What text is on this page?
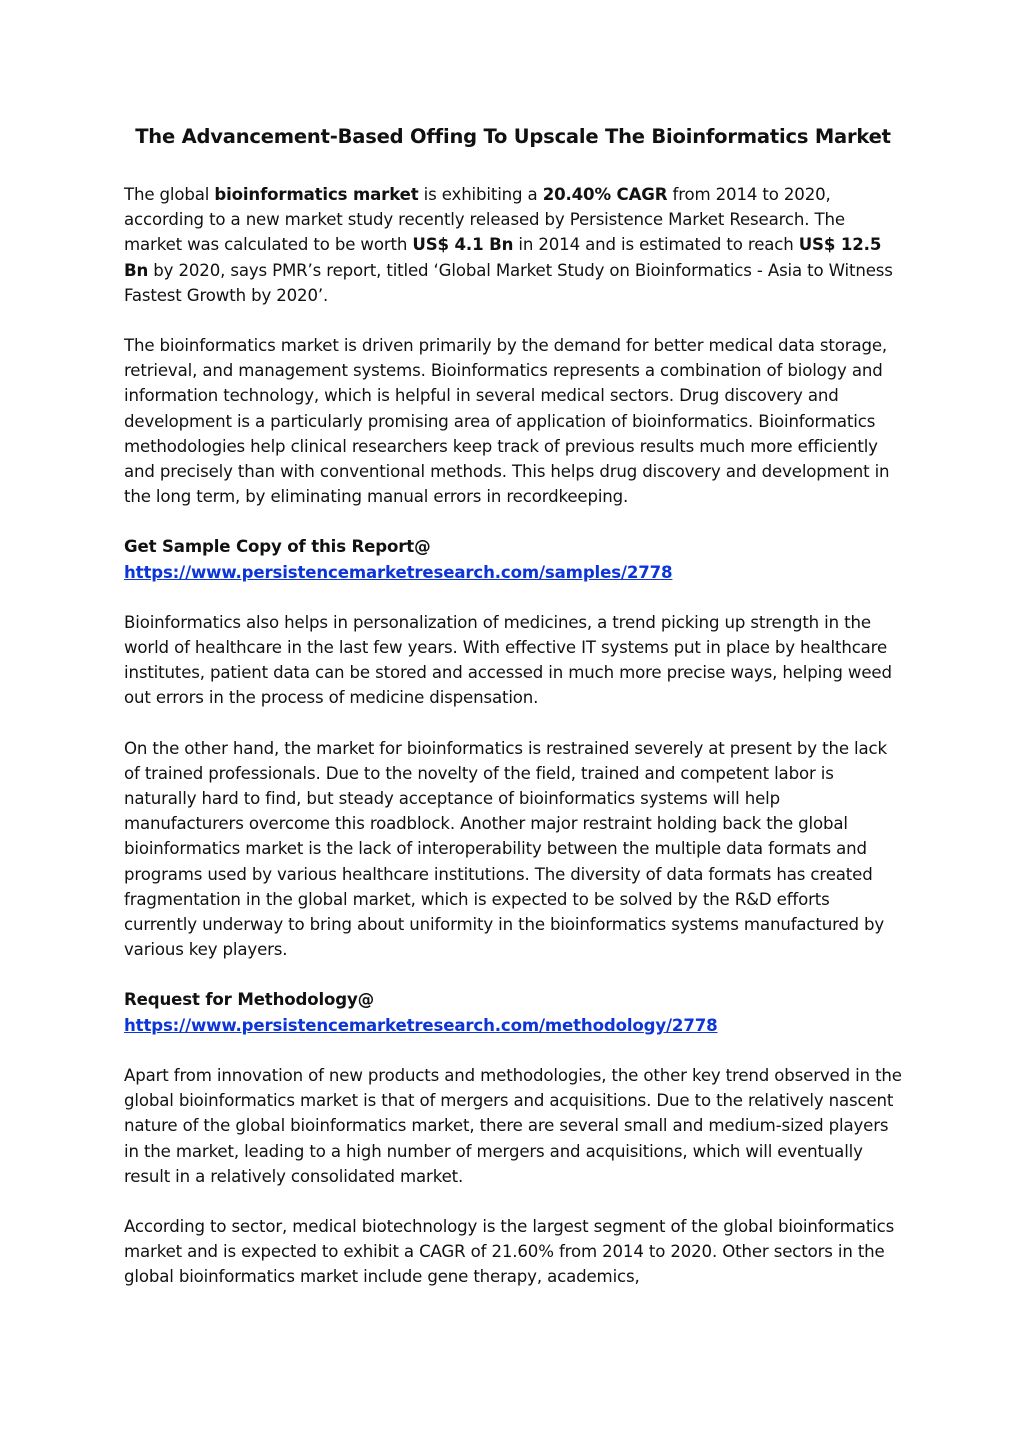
The Advancement-Based Offing To Upscale The Bioinformatics Market

The global bioinformatics market is exhibiting a 20.40% CAGR from 2014 to 2020, according to a new market study recently released by Persistence Market Research. The market was calculated to be worth US$ 4.1 Bn in 2014 and is estimated to reach US$ 12.5 Bn by 2020, says PMR’s report, titled ‘Global Market Study on Bioinformatics - Asia to Witness Fastest Growth by 2020’.

The bioinformatics market is driven primarily by the demand for better medical data storage, retrieval, and management systems. Bioinformatics represents a combination of biology and information technology, which is helpful in several medical sectors. Drug discovery and development is a particularly promising area of application of bioinformatics. Bioinformatics methodologies help clinical researchers keep track of previous results much more efficiently and precisely than with conventional methods. This helps drug discovery and development in the long term, by eliminating manual errors in recordkeeping.

Get Sample Copy of this Report@
https://www.persistencemarketresearch.com/samples/2778

Bioinformatics also helps in personalization of medicines, a trend picking up strength in the world of healthcare in the last few years. With effective IT systems put in place by healthcare institutes, patient data can be stored and accessed in much more precise ways, helping weed out errors in the process of medicine dispensation.

On the other hand, the market for bioinformatics is restrained severely at present by the lack of trained professionals. Due to the novelty of the field, trained and competent labor is naturally hard to find, but steady acceptance of bioinformatics systems will help manufacturers overcome this roadblock. Another major restraint holding back the global bioinformatics market is the lack of interoperability between the multiple data formats and programs used by various healthcare institutions. The diversity of data formats has created fragmentation in the global market, which is expected to be solved by the R&D efforts currently underway to bring about uniformity in the bioinformatics systems manufactured by various key players.

Request for Methodology@
https://www.persistencemarketresearch.com/methodology/2778

Apart from innovation of new products and methodologies, the other key trend observed in the global bioinformatics market is that of mergers and acquisitions. Due to the relatively nascent nature of the global bioinformatics market, there are several small and medium-sized players in the market, leading to a high number of mergers and acquisitions, which will eventually result in a relatively consolidated market.

According to sector, medical biotechnology is the largest segment of the global bioinformatics market and is expected to exhibit a CAGR of 21.60% from 2014 to 2020. Other sectors in the global bioinformatics market include gene therapy, academics,
